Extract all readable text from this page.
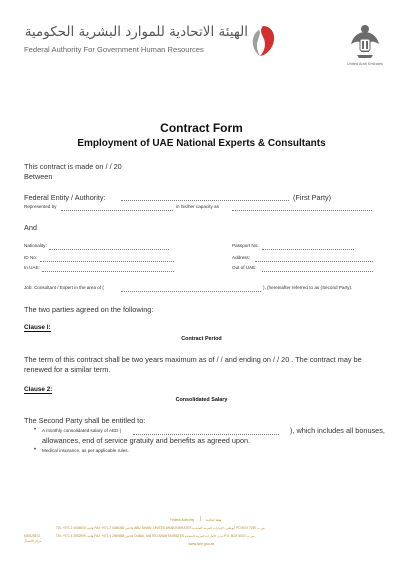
الهيئة الاتحادية للموارد البشرية الحكومية
Federal Authority For Government Human Resources
United Arab Emirates
Contract Form
Employment of UAE National Experts & Consultants
This contract is made on / / 20
Between
Federal Entity / Authority:	(First Party)
Represented by	in his/her capacity as
And
Nationality:	Passport No:
ID No:	Address:
In UAE:	Out of UAE:
Job: Consultant / Expert in the area of (	), (hereinafter referred to as (Second Party).
The two parties agreed on the following:
Clause I:
Contract Period
The term of this contract shall be two years maximum as of / / and ending on / / 20 . The contract may be
renewed for a similar term.
Clause 2:
Consolidated Salary
The Second Party shall be entitled to:
• A monthly consolidated salary of AED (	), which includes all bonuses,
allowances, end of service gratuity and benefits as agreed upon.
• Medical insurance, as per applicable rules.
Federal Authority | هيئة اتحادية
TEL +971 2 4036000 هاتف FAX +971 2 4036362 فاكس ABU DHABI, UNITED ARAB EMIRATES أبوظبي، الإمارات العربية المتحدة PO BOX 7290 ص.ب
600525574
مركز الاتصال
TEL +971 4 2952999 هاتف FAX +971 4 2959888 فاكس DUBAI, UNITED ARAB EMIRATES دبي، الإمارات العربية المتحدة P.O. BOX 5002 ص.ب
www.fahr.gov.ae
